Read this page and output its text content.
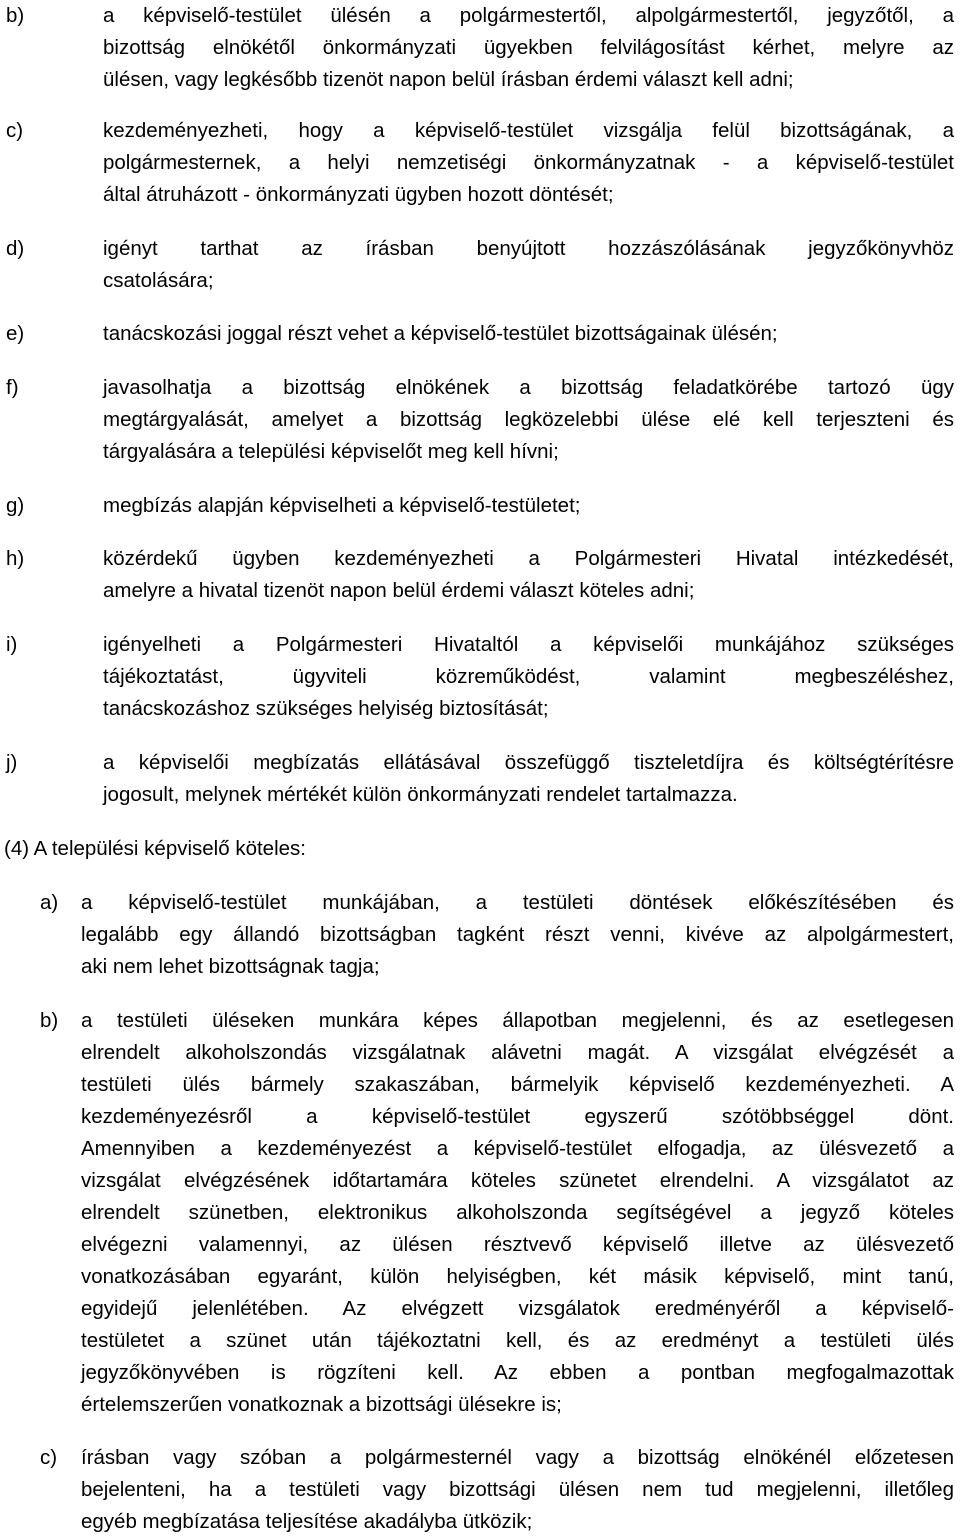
b)	a képviselő-testület ülésén a polgármestertől, alpolgármestertől, jegyzőtől, a
bizottság elnökétől önkormányzati ügyekben felvilágosítást kérhet, melyre az
ülésen, vagy legkésőbb tizenöt napon belül írásban érdemi választ kell adni;
c)	kezdeményezheti, hogy a képviselő-testület vizsgálja felül bizottságának, a
polgármesternek, a helyi nemzetiségi önkormányzatnak - a képviselő-testület
által átruházott - önkormányzati ügyben hozott döntését;
d)	igényt tarthat az írásban benyújtott hozzászólásának jegyzőkönyvhöz
csatolására;
e)	tanácskozási joggal részt vehet a képviselő-testület bizottságainak ülésén;
f)	javasolhatja a bizottság elnökének a bizottság feladatkörébe tartozó ügy
megtárgyalását, amelyet a bizottság legközelebbi ülése elé kell terjeszteni és
tárgyalására a települési képviselőt meg kell hívni;
g)	megbízás alapján képviselheti a képviselő-testületet;
h)	közérdekű ügyben kezdeményezheti a Polgármesteri Hivatal intézkedését,
amelyre a hivatal tizenöt napon belül érdemi választ köteles adni;
i)	igényelheti a Polgármesteri Hivataltól a képviselői munkájához szükséges
tájékoztatást, ügyviteli közreműködést, valamint megbeszéléshez,
tanácskozáshoz szükséges helyiség biztosítását;
j)	a képviselői megbízatás ellátásával összefüggő tiszteletdíjra és költségtérítésre
jogosult, melynek mértékét külön önkormányzati rendelet tartalmazza.
(4) A települési képviselő köteles:
a) a képviselő-testület munkájában, a testületi döntések előkészítésében és
legalább egy állandó bizottságban tagként részt venni, kivéve az alpolgármestert,
aki nem lehet bizottságnak tagja;
b) a testületi üléseken munkára képes állapotban megjelenni, és az esetlegesen
elrendelt alkoholszondás vizsgálatnak alávetni magát. A vizsgálat elvégzését a
testületi ülés bármely szakaszában, bármelyik képviselő kezdeményezheti. A
kezdeményezésről a képviselő-testület egyszerű szótöbbséggel dönt.
Amennyiben a kezdeményezést a képviselő-testület elfogadja, az ülésvezető a
vizsgálat elvégzésének időtartamára köteles szünetet elrendelni. A vizsgálatot az
elrendelt szünetben, elektronikus alkoholszonda segítségével a jegyző köteles
elvégezni valamennyi, az ülésen résztvevő képviselő illetve az ülésvezető
vonatkozásában egyaránt, külön helyiségben, két másik képviselő, mint tanú,
egyidejű jelenlétében. Az elvégzett vizsgálatok eredményéről a képviselő-
testületet a szünet után tájékoztatni kell, és az eredményt a testületi ülés
jegyzőkönyvében is rögzíteni kell. Az ebben a pontban megfogalmazottak
értelemszerűen vonatkoznak a bizottsági ülésekre is;
c) írásban vagy szóban a polgármesternél vagy a bizottság elnökénél előzetesen
bejelenteni, ha a testületi vagy bizottsági ülésen nem tud megjelenni, illetőleg
egyéb megbízatása teljesítése akadályba ütközik;
